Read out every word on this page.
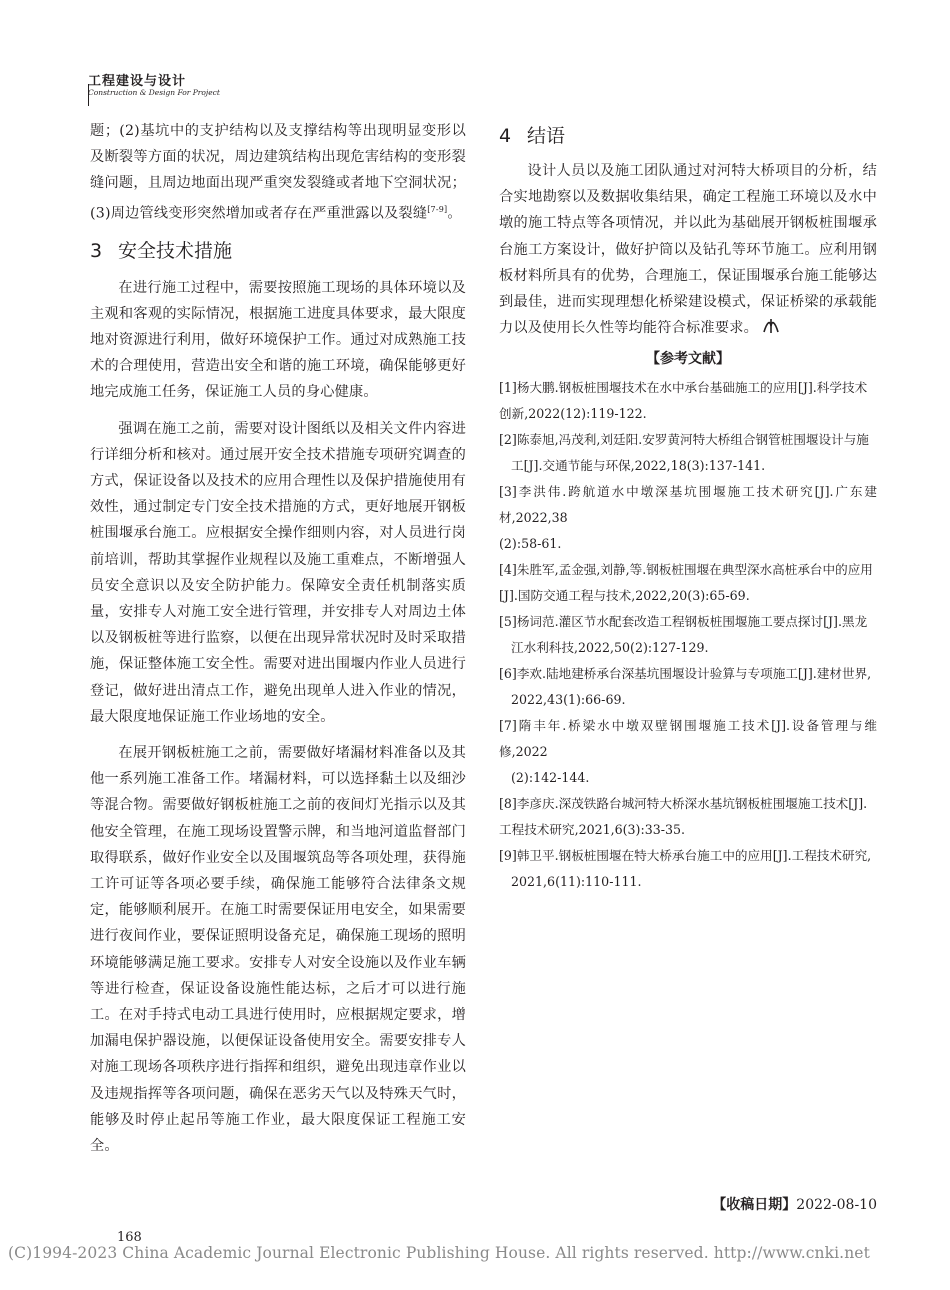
工程建设与设计
Construction & Design For Project

题；(2)基坑中的支护结构以及支撑结构等出现明显变形以及断裂等方面的状况，周边建筑结构出现危害结构的变形裂缝问题，且周边地面出现严重突发裂缝或者地下空洞状况；(3)周边管线变形突然增加或者存在严重泄露以及裂缝[7-9]。

3 安全技术措施

在进行施工过程中，需要按照施工现场的具体环境以及主观和客观的实际情况，根据施工进度具体要求，最大限度地对资源进行利用，做好环境保护工作。通过对成熟施工技术的合理使用，营造出安全和谐的施工环境，确保能够更好地完成施工任务，保证施工人员的身心健康。

强调在施工之前，需要对设计图纸以及相关文件内容进行详细分析和核对。通过展开安全技术措施专项研究调查的方式，保证设备以及技术的应用合理性以及保护措施使用有效性，通过制定专门安全技术措施的方式，更好地展开钢板桩围堰承台施工。应根据安全操作细则内容，对人员进行岗前培训，帮助其掌握作业规程以及施工重难点，不断增强人员安全意识以及安全防护能力。保障安全责任机制落实质量，安排专人对施工安全进行管理，并安排专人对周边土体以及钢板桩等进行监察，以便在出现异常状况时及时采取措施，保证整体施工安全性。需要对进出围堰内作业人员进行登记，做好进出清点工作，避免出现单人进入作业的情况，最大限度地保证施工作业场地的安全。

在展开钢板桩施工之前，需要做好堵漏材料准备以及其他一系列施工准备工作。堵漏材料，可以选择黏土以及细沙等混合物。需要做好钢板桩施工之前的夜间灯光指示以及其他安全管理，在施工现场设置警示牌，和当地河道监督部门取得联系，做好作业安全以及围堰筑岛等各项处理，获得施工许可证等各项必要手续，确保施工能够符合法律条文规定，能够顺利展开。在施工时需要保证用电安全，如果需要进行夜间作业，要保证照明设备充足，确保施工现场的照明环境能够满足施工要求。安排专人对安全设施以及作业车辆等进行检查，保证设备设施性能达标，之后才可以进行施工。在对手持式电动工具进行使用时，应根据规定要求，增加漏电保护器设施，以便保证设备使用安全。需要安排专人对施工现场各项秩序进行指挥和组织，避免出现违章作业以及违规指挥等各项问题，确保在恶劣天气以及特殊天气时，能够及时停止起吊等施工作业，最大限度保证工程施工安全。

4 结语

设计人员以及施工团队通过对河特大桥项目的分析，结合实地勘察以及数据收集结果，确定工程施工环境以及水中墩的施工特点等各项情况，并以此为基础展开钢板桩围堰承台施工方案设计，做好护筒以及钻孔等环节施工。应利用钢板材料所具有的优势，合理施工，保证围堰承台施工能够达到最佳，进而实现理想化桥梁建设模式，保证桥梁的承载能力以及使用长久性等均能符合标准要求。

【参考文献】

[1]杨大鹏.钢板桩围堰技术在水中承台基础施工的应用[J].科学技术
创新,2022(12):119-122.

[2]陈泰旭,冯茂利,刘廷阳.安罗黄河特大桥组合钢管桩围堰设计与施
工[J].交通节能与环保,2022,18(3):137-141.

[3]李洪伟.跨航道水中墩深基坑围堰施工技术研究[J].广东建材,2022,38
(2):58-61.

[4]朱胜军,孟金强,刘静,等.钢板桩围堰在典型深水高桩承台中的应用
[J].国防交通工程与技术,2022,20(3):65-69.

[5]杨词范.灌区节水配套改造工程钢板桩围堰施工要点探讨[J].黑龙
江水利科技,2022,50(2):127-129.

[6]李欢.陆地建桥承台深基坑围堰设计验算与专项施工[J].建材世界,
2022,43(1):66-69.

[7]隋丰年.桥梁水中墩双壁钢围堰施工技术[J].设备管理与维修,2022
(2):142-144.

[8]李彦庆.深茂铁路台城河特大桥深水基坑钢板桩围堰施工技术[J].
工程技术研究,2021,6(3):33-35.

[9]韩卫平.钢板桩围堰在特大桥承台施工中的应用[J].工程技术研究,
2021,6(11):110-111.

【收稿日期】2022-08-10
168
(C)1994-2023 China Academic Journal Electronic Publishing House. All rights reserved. http://www.cnki.net
